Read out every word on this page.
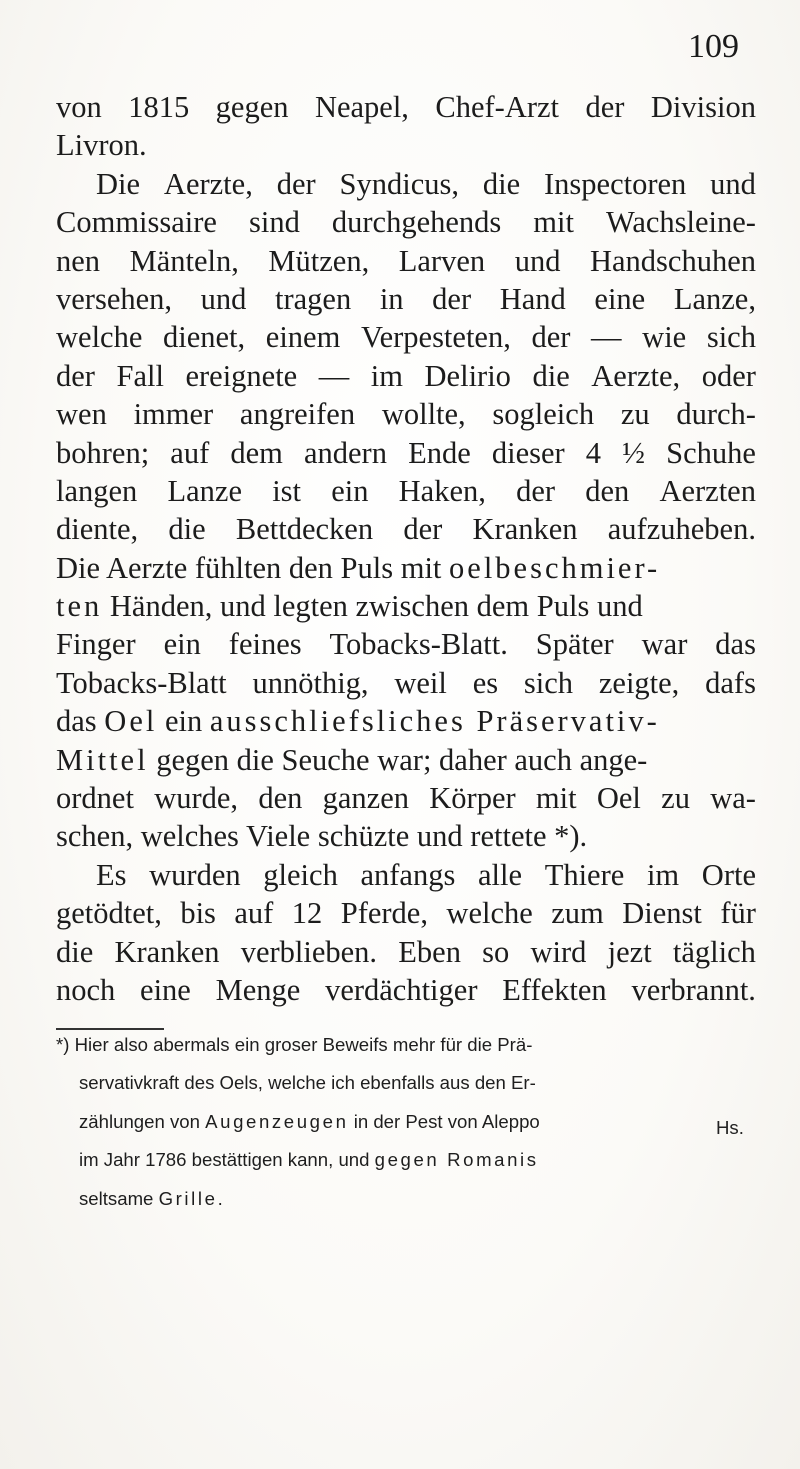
109
von 1815 gegen Neapel, Chef-Arzt der Division
Livron.
Die Aerzte, der Syndicus, die Inspectoren und
Commissaire sind durchgehends mit Wachsleine-
nen Mänteln, Mützen, Larven und Handschuhen
versehen, und tragen in der Hand eine Lanze,
welche dienet, einem Verpesteten, der — wie sich
der Fall ereignete — im Delirio die Aerzte, oder
wen immer angreifen wollte, sogleich zu durch-
bohren; auf dem andern Ende dieser 4 ½ Schuhe
langen Lanze ist ein Haken, der den Aerzten
diente, die Bettdecken der Kranken aufzuheben.
Die Aerzte fühlten den Puls mit oelbeschmier-
ten Händen, und legten zwischen dem Puls und
Finger ein feines Tobacks-Blatt. Später war das
Tobacks-Blatt unnöthig, weil es sich zeigte, dafs
das Oel ein ausschliefsliches Präservativ-
Mittel gegen die Seuche war; daher auch ange-
ordnet wurde, den ganzen Körper mit Oel zu wa-
schen, welches Viele schüzte und rettete *).
Es wurden gleich anfangs alle Thiere im Orte
getödtet, bis auf 12 Pferde, welche zum Dienst für
die Kranken verblieben. Eben so wird jezt täglich
noch eine Menge verdächtiger Effekten verbrannt.
*) Hier also abermals ein groser Beweifs mehr für die Prä-
servativkraft des Oels, welche ich ebenfalls aus den Er-
zählungen von Augenzeugen in der Pest von Aleppo
im Jahr 1786 bestättigen kann, und gegen Romanis
seltsame Grille.
Hs.
